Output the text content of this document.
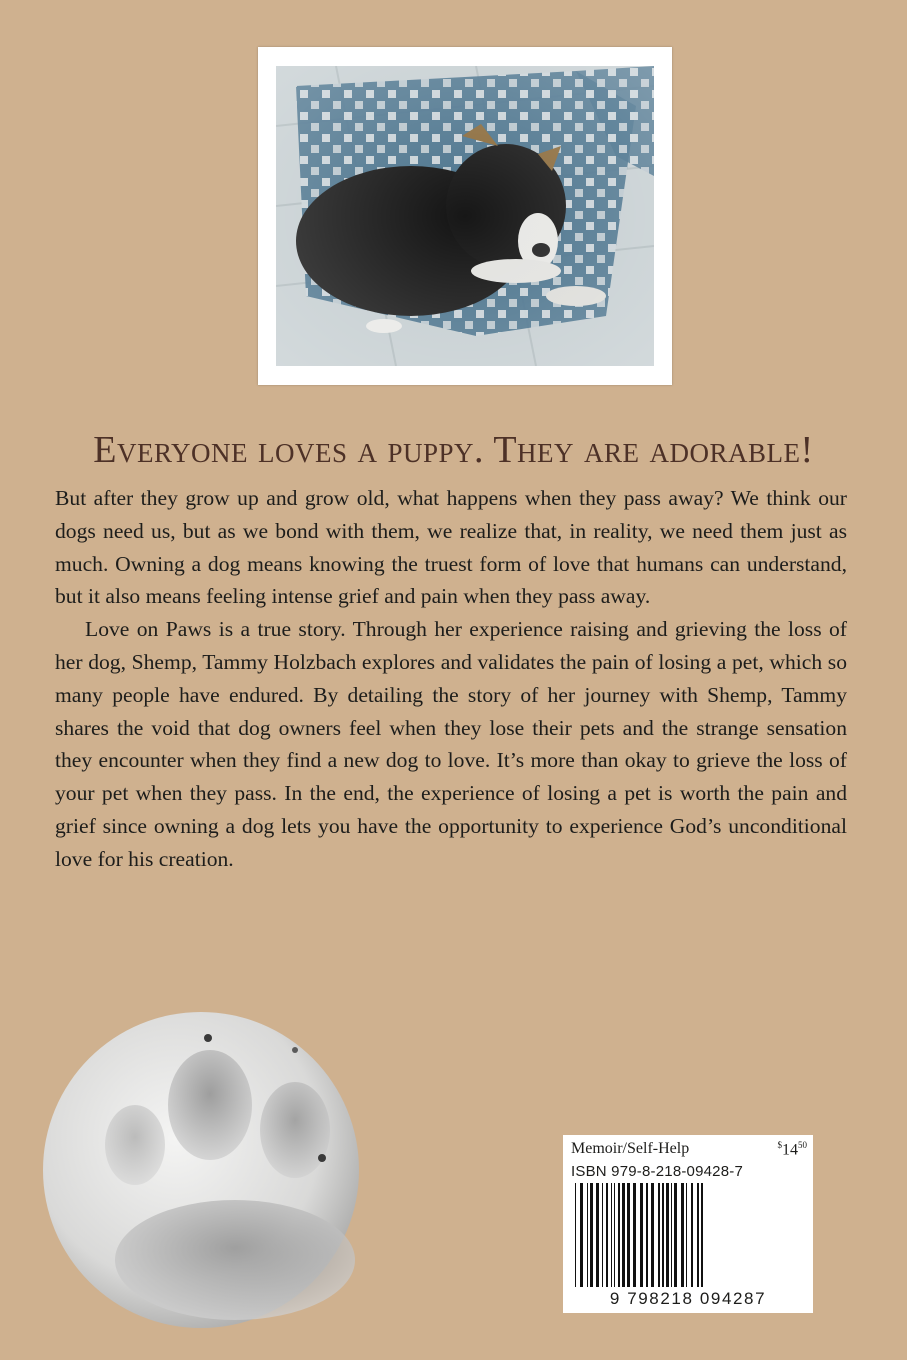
Everyone loves a puppy. They are adorable!

But after they grow up and grow old, what happens when they pass away? We think our dogs need us, but as we bond with them, we realize that, in reality, we need them just as much. Owning a dog means knowing the truest form of love that humans can understand, but it also means feeling intense grief and pain when they pass away.

Love on Paws is a true story. Through her experience raising and grieving the loss of her dog, Shemp, Tammy Holzbach explores and validates the pain of losing a pet, which so many people have endured. By detailing the story of her journey with Shemp, Tammy shares the void that dog owners feel when they lose their pets and the strange sensation they encounter when they find a new dog to love. It’s more than okay to grieve the loss of your pet when they pass. In the end, the experience of losing a pet is worth the pain and grief since owning a dog lets you have the opportunity to experience God’s unconditional love for his creation.

Memoir/Self-Help	$^{\$}14^{50}$
ISBN 979-8-218-09428-7
9 798218 094287
